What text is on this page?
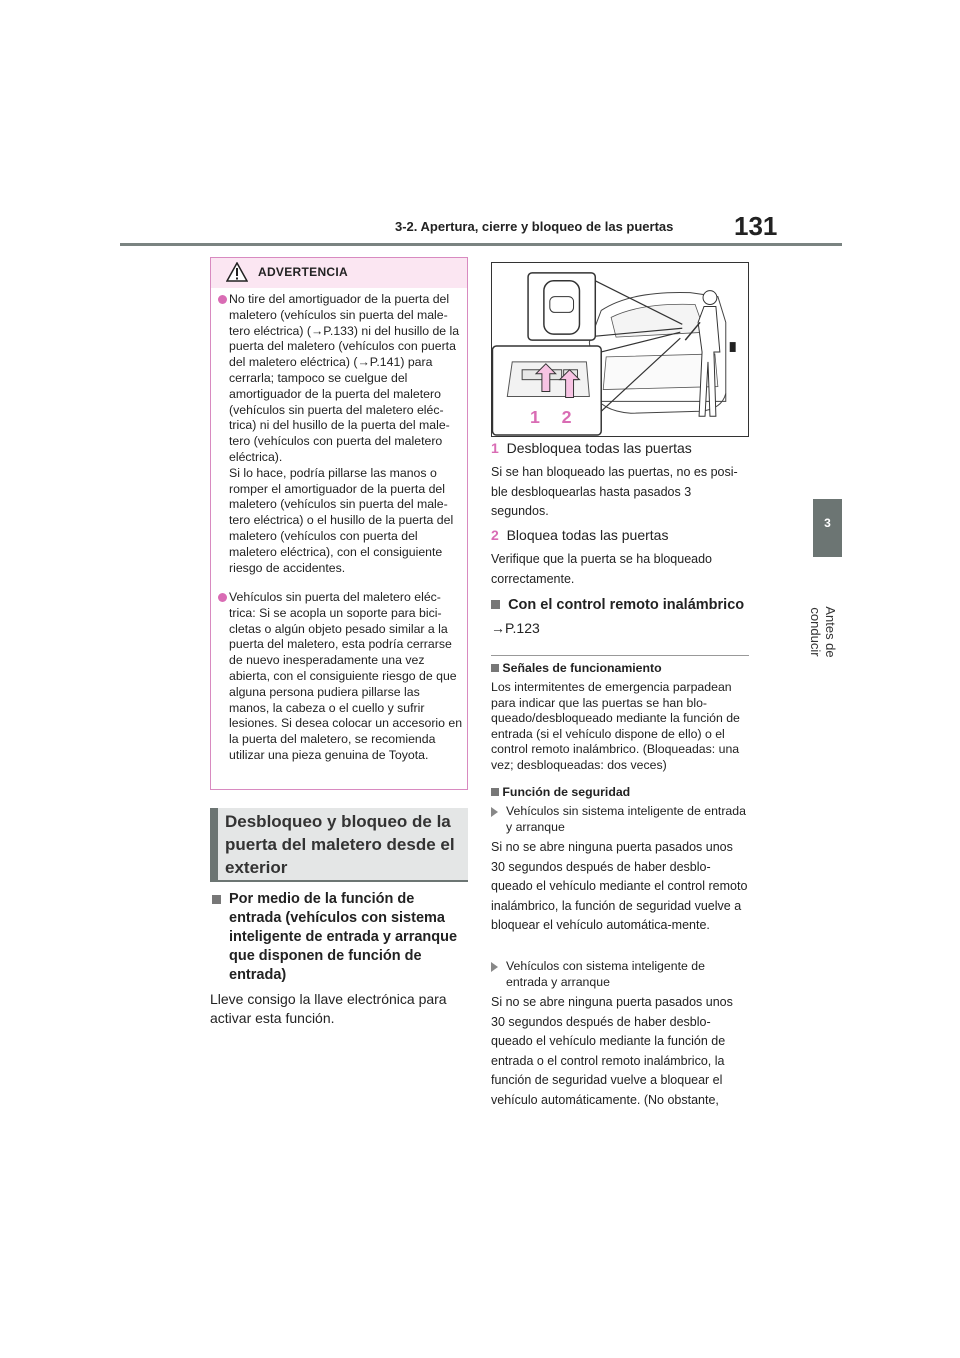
3-2. Apertura, cierre y bloqueo de las puertas 131
3
Antes de conducir
ADVERTENCIA
No tire del amortiguador de la puerta del maletero (vehículos sin puerta del male-tero eléctrica) (→P.133) ni del husillo de la puerta del maletero (vehículos con puerta del maletero eléctrica) (→P.141) para cerrarla; tampoco se cuelgue del amortiguador de la puerta del maletero (vehículos sin puerta del maletero eléc-trica) ni del husillo de la puerta del male-tero (vehículos con puerta del maletero eléctrica).
Si lo hace, podría pillarse las manos o romper el amortiguador de la puerta del maletero (vehículos sin puerta del male-tero eléctrica) o el husillo de la puerta del maletero (vehículos con puerta del maletero eléctrica), con el consiguiente riesgo de accidentes.
Vehículos sin puerta del maletero eléc-trica: Si se acopla un soporte para bici-cletas o algún objeto pesado similar a la puerta del maletero, esta podría cerrarse de nuevo inesperadamente una vez abierta, con el consiguiente riesgo de que alguna persona pudiera pillarse las manos, la cabeza o el cuello y sufrir lesiones. Si desea colocar un accesorio en la puerta del maletero, se recomienda utilizar una pieza genuina de Toyota.
Desbloqueo y bloqueo de la puerta del maletero desde el exterior
Por medio de la función de entrada (vehículos con sistema inteligente de entrada y arranque que disponen de función de entrada)
Lleve consigo la llave electrónica para activar esta función.
1 2
1 Desbloquea todas las puertas
Si se han bloqueado las puertas, no es posi-ble desbloquearlas hasta pasados 3 segundos.
2 Bloquea todas las puertas
Verifique que la puerta se ha bloqueado correctamente.
Con el control remoto inalámbrico
→P.123
Señales de funcionamiento
Los intermitentes de emergencia parpadean para indicar que las puertas se han blo-queado/desbloqueado mediante la función de entrada (si el vehículo dispone de ello) o el control remoto inalámbrico. (Bloqueadas: una vez; desbloqueadas: dos veces)
Función de seguridad
Vehículos sin sistema inteligente de entrada y arranque
Si no se abre ninguna puerta pasados unos 30 segundos después de haber desblo-queado el vehículo mediante el control remoto inalámbrico, la función de seguridad vuelve a bloquear el vehículo automática-mente.
Vehículos con sistema inteligente de entrada y arranque
Si no se abre ninguna puerta pasados unos 30 segundos después de haber desblo-queado el vehículo mediante la función de entrada o el control remoto inalámbrico, la función de seguridad vuelve a bloquear el vehículo automáticamente. (No obstante,
